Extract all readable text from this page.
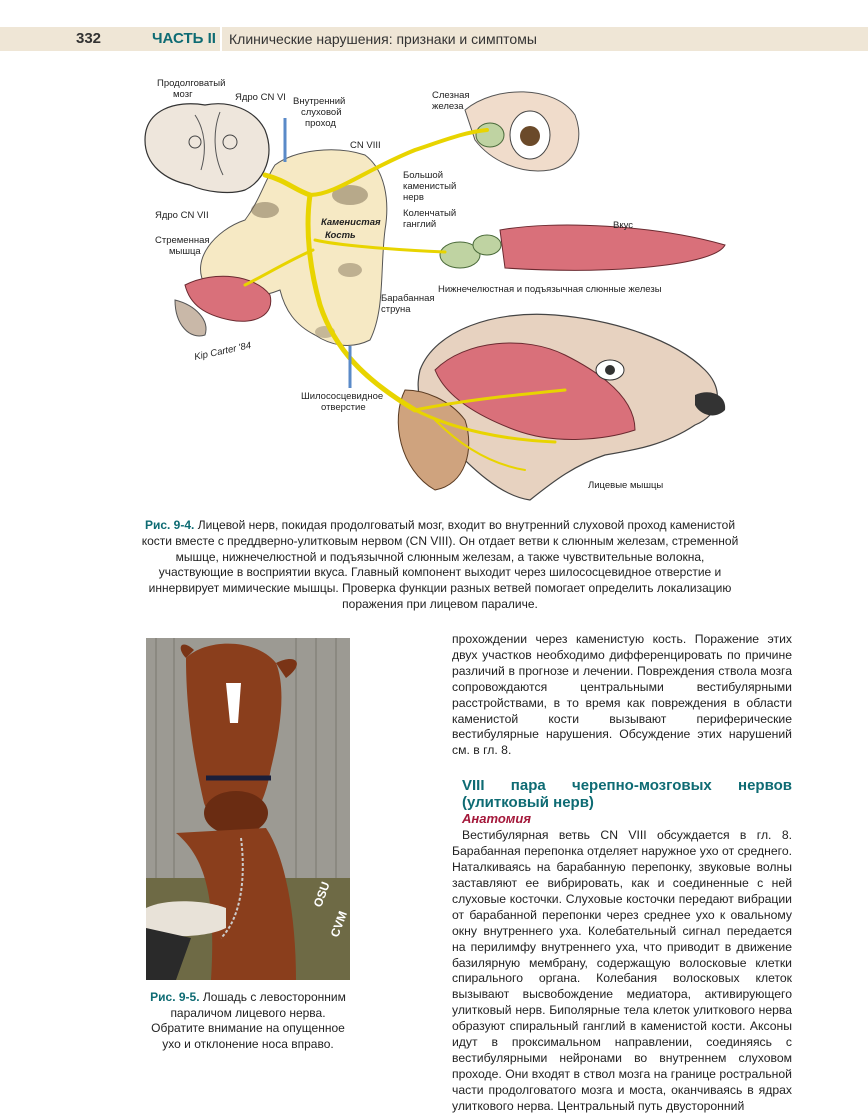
332	ЧАСТЬ II Клинические нарушения: признаки и симптомы
Продолговатый
мозг	Ядро CN VI Внутренний
слуховой
проход
Слезная
железа
CN VIII
Большой
каменистый
нерв
Коленчатый
ганглий
Ядро CN VII
Стременная
мышца
Каменистая
Кость
Вкус
Нижнечелюстная и подъязычная слюнные железы
Барабанная
струна
Шилососцевидное
отверстие
Лицевые мышцы
Kip Carter '84
Рис. 9-4. Лицевой нерв, покидая продолговатый мозг, входит во внутренний слуховой проход каменистой кости вместе с преддверно-улитковым нервом (CN VIII). Он отдает ветви к слюнным железам, стременной мышце, нижнечелюстной и подъязычной слюнным железам, а также чувствительные волокна, участвующие в восприятии вкуса. Главный компонент выходит через шилососцевидное отверстие и иннервирует мимические мышцы. Проверка функции разных ветвей помогает определить локализацию поражения при лицевом параличе.
OSU
CVM
Рис. 9-5. Лошадь с левосторонним параличом лицевого нерва. Обратите внимание на опущенное ухо и отклонение носа вправо.

прохождении через каменистую кость. Поражение этих двух участков необходимо дифференцировать по причине различий в прогнозе и лечении. Повреждения ствола мозга сопровождаются центральными вестибулярными расстройствами, в то время как повреждения в области каменистой кости вызывают периферические вестибулярные нарушения. Обсуждение этих нарушений см. в гл. 8.

VIII пара черепно-мозговых нервов (улитковый нерв)
Анатомия

Вестибулярная ветвь CN VIII обсуждается в гл. 8. Барабанная перепонка отделяет наружное ухо от среднего. Наталкиваясь на барабанную перепонку, звуковые волны заставляют ее вибрировать, как и соединенные с ней слуховые косточки. Слуховые косточки передают вибрации от барабанной перепонки через среднее ухо к овальному окну внутреннего уха. Колебательный сигнал передается на перилимфу внутреннего уха, что приводит в движение базилярную мембрану, содержащую волосковые клетки спирального органа. Колебания волосковых клеток вызывают высвобождение медиатора, активирующего улитковый нерв. Биполярные тела клеток улиткового нерва образуют спиральный ганглий в каменистой кости. Аксоны идут в проксимальном направлении, соединяясь с вестибулярными нейронами во внутреннем слуховом проходе. Они входят в ствол мозга на границе ростральной части продолговатого мозга и моста, оканчиваясь в ядрах улиткового нерва. Центральный путь двусторонний
